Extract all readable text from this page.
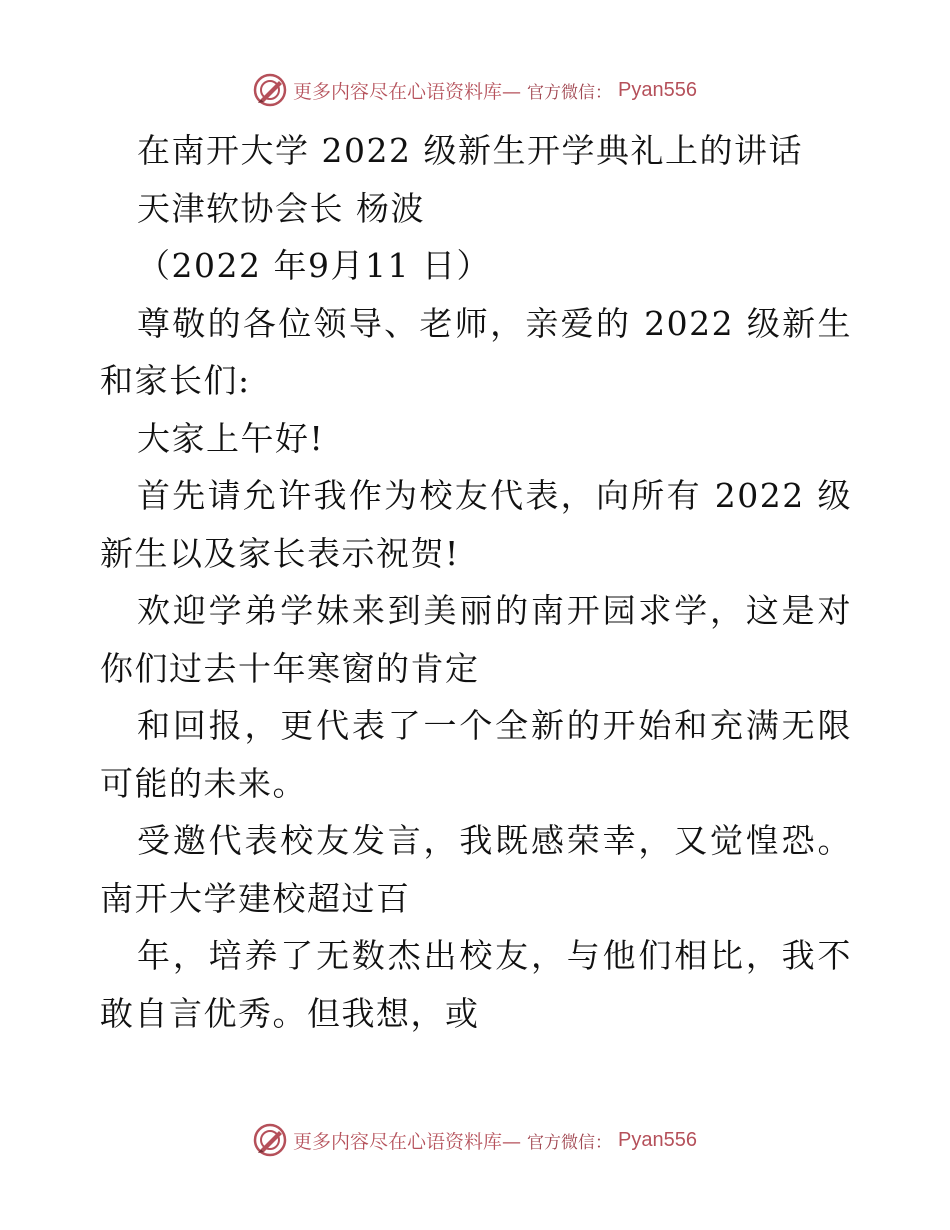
更多内容尽在心语资料库— 官方微信： Pyan556

在南开大学 2022 级新生开学典礼上的讲话

天津软协会长 杨波

（2022 年9月11 日）

尊敬的各位领导、老师，亲爱的 2022 级新生和家长们:

大家上午好!

首先请允许我作为校友代表，向所有 2022 级新生以及家长表示祝贺!

欢迎学弟学妹来到美丽的南开园求学，这是对你们过去十年寒窗的肯定

和回报，更代表了一个全新的开始和充满无限可能的未来。

受邀代表校友发言，我既感荣幸，又觉惶恐。南开大学建校超过百

年，培养了无数杰出校友，与他们相比，我不敢自言优秀。但我想，或

更多内容尽在心语资料库— 官方微信： Pyan556
